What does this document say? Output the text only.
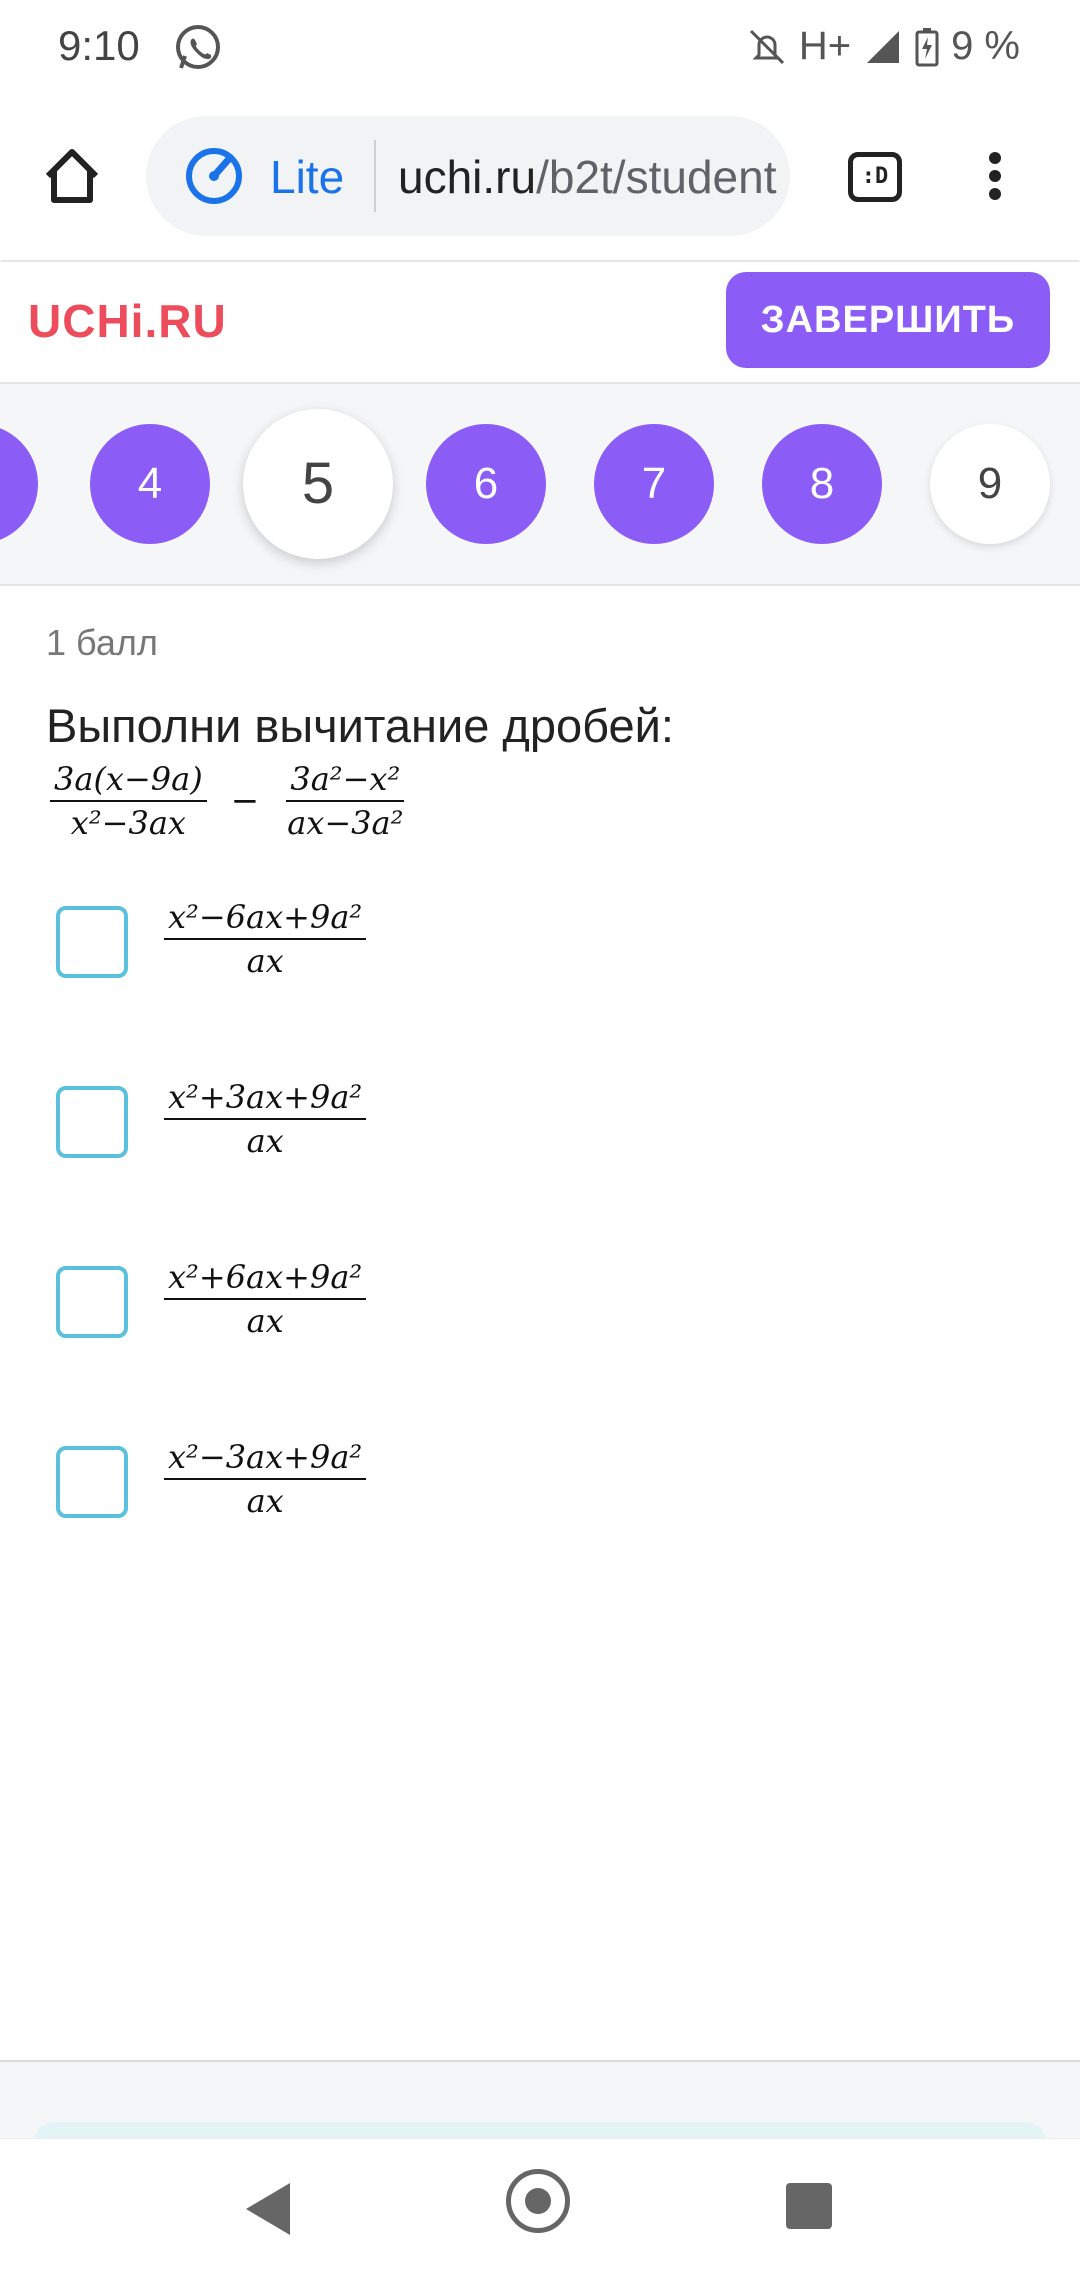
9:10	H+	9 %
Lite uchi.ru/b2t/student	:D
UCHi.RU	ЗАВЕРШИТЬ
4	5	6	7	8	9
1 балл
Выполни вычитание дробей:
$\frac{3a(x-9a)}{\text{x²−3ax}} - \frac{\text{3a²−x²}}{\text{ax−3a²}}$
$\frac{\text{x²−6ax+9a²}}{ax}$
$\frac{\text{x²+3ax+9a²}}{ax}$
$\frac{\text{x²+6ax+9a²}}{ax}$
$\frac{\text{x²−3ax+9a²}}{ax}$
